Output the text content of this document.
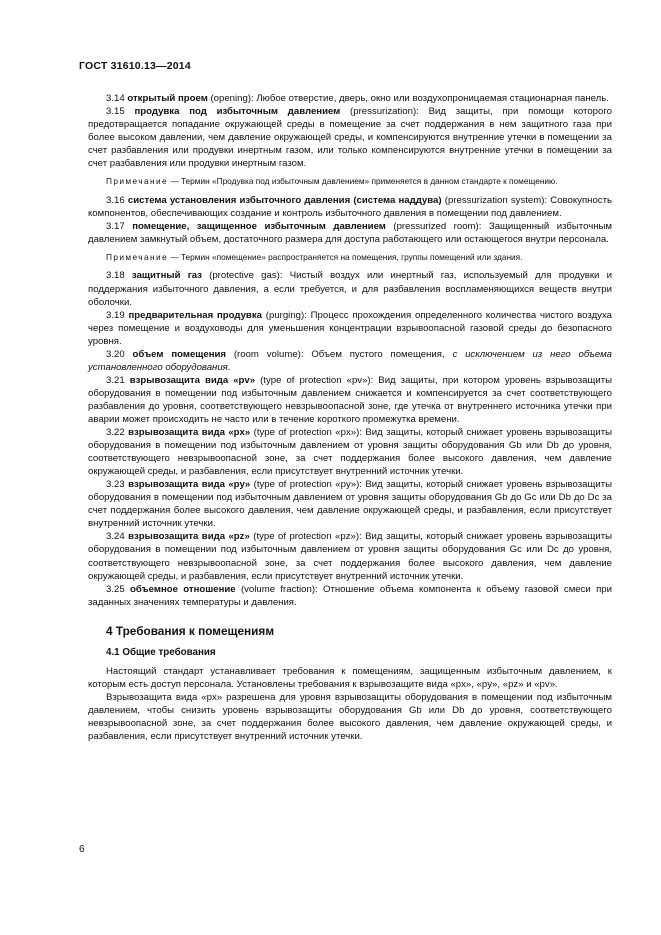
ГОСТ 31610.13—2014

3.14 открытый проем (opening): Любое отверстие, дверь, окно или воздухопроницаемая стационарная панель.

3.15 продувка под избыточным давлением (pressurization): Вид защиты, при помощи которого предотвращается попадание окружающей среды в помещение за счет поддержания в нем защитного газа при более высоком давлении, чем давление окружающей среды, и компенсируются внутренние утечки в помещении за счет разбавления или продувки инертным газом, или только компенсируются внутренние утечки в помещении за счет разбавления или продувки инертным газом.

Примечание — Термин «Продувка под избыточным давлением» применяется в данном стандарте к помещению.

3.16 система установления избыточного давления (система наддува) (pressurization system): Совокупность компонентов, обеспечивающих создание и контроль избыточного давления в помещении под давлением.

3.17 помещение, защищенное избыточным давлением (pressurized room): Защищенный избыточным давлением замкнутый объем, достаточного размера для доступа работающего или остающегося внутри персонала.

Примечание — Термин «помещение» распространяется на помещения, группы помещений или здания.

3.18 защитный газ (protective gas): Чистый воздух или инертный газ, используемый для продувки и поддержания избыточного давления, а если требуется, и для разбавления воспламеняющихся веществ внутри оболочки.

3.19 предварительная продувка (purging): Процесс прохождения определенного количества чистого воздуха через помещение и воздуховоды для уменьшения концентрации взрывоопасной газовой среды до безопасного уровня.

3.20 объем помещения (room volume): Объем пустого помещения, с исключением из него объема установленного оборудования.

3.21 взрывозащита вида «pv» (type of protection «pv»): Вид защиты, при котором уровень взрывозащиты оборудования в помещении под избыточным давлением снижается и компенсируется за счет соответствующего разбавления до уровня, соответствующего невзрывоопасной зоне, где утечка от внутреннего источника утечки при аварии может происходить не часто или в течение короткого промежутка времени.

3.22 взрывозащита вида «px» (type of protection «px»): Вид защиты, который снижает уровень взрывозащиты оборудования в помещении под избыточным давлением от уровня защиты оборудования Gb или Db до уровня, соответствующего невзрывоопасной зоне, за счет поддержания более высокого давления, чем давление окружающей среды, и разбавления, если присутствует внутренний источник утечки.

3.23 взрывозащита вида «py» (type of protection «py»): Вид защиты, который снижает уровень взрывозащиты оборудования в помещении под избыточным давлением от уровня защиты оборудования Gb до Gc или Db до Dc за счет поддержания более высокого давления, чем давление окружающей среды, и разбавления, если присутствует внутренний источник утечки.

3.24 взрывозащита вида «pz» (type of protection «pz»): Вид защиты, который снижает уровень взрывозащиты оборудования в помещении под избыточным давлением от уровня защиты оборудования Gc или Dc до уровня, соответствующего невзрывоопасной зоне, за счет поддержания более высокого давления, чем давление окружающей среды, и разбавления, если присутствует внутренний источник утечки.

3.25 объемное отношение (volume fraction): Отношение объема компонента к объему газовой смеси при заданных значениях температуры и давления.

4 Требования к помещениям
4.1 Общие требования

Настоящий стандарт устанавливает требования к помещениям, защищенным избыточным давлением, к которым есть доступ персонала. Установлены требования к взрывозащите вида «px», «py», «pz» и «pv».

Взрывозащита вида «px» разрешена для уровня взрывозащиты оборудования в помещении под избыточным давлением, чтобы снизить уровень взрывозащиты оборудования Gb или Db до уровня, соответствующего невзрывоопасной зоне, за счет поддержания более высокого давления, чем давление окружающей среды, и разбавления, если присутствует внутренний источник утечки.

6
